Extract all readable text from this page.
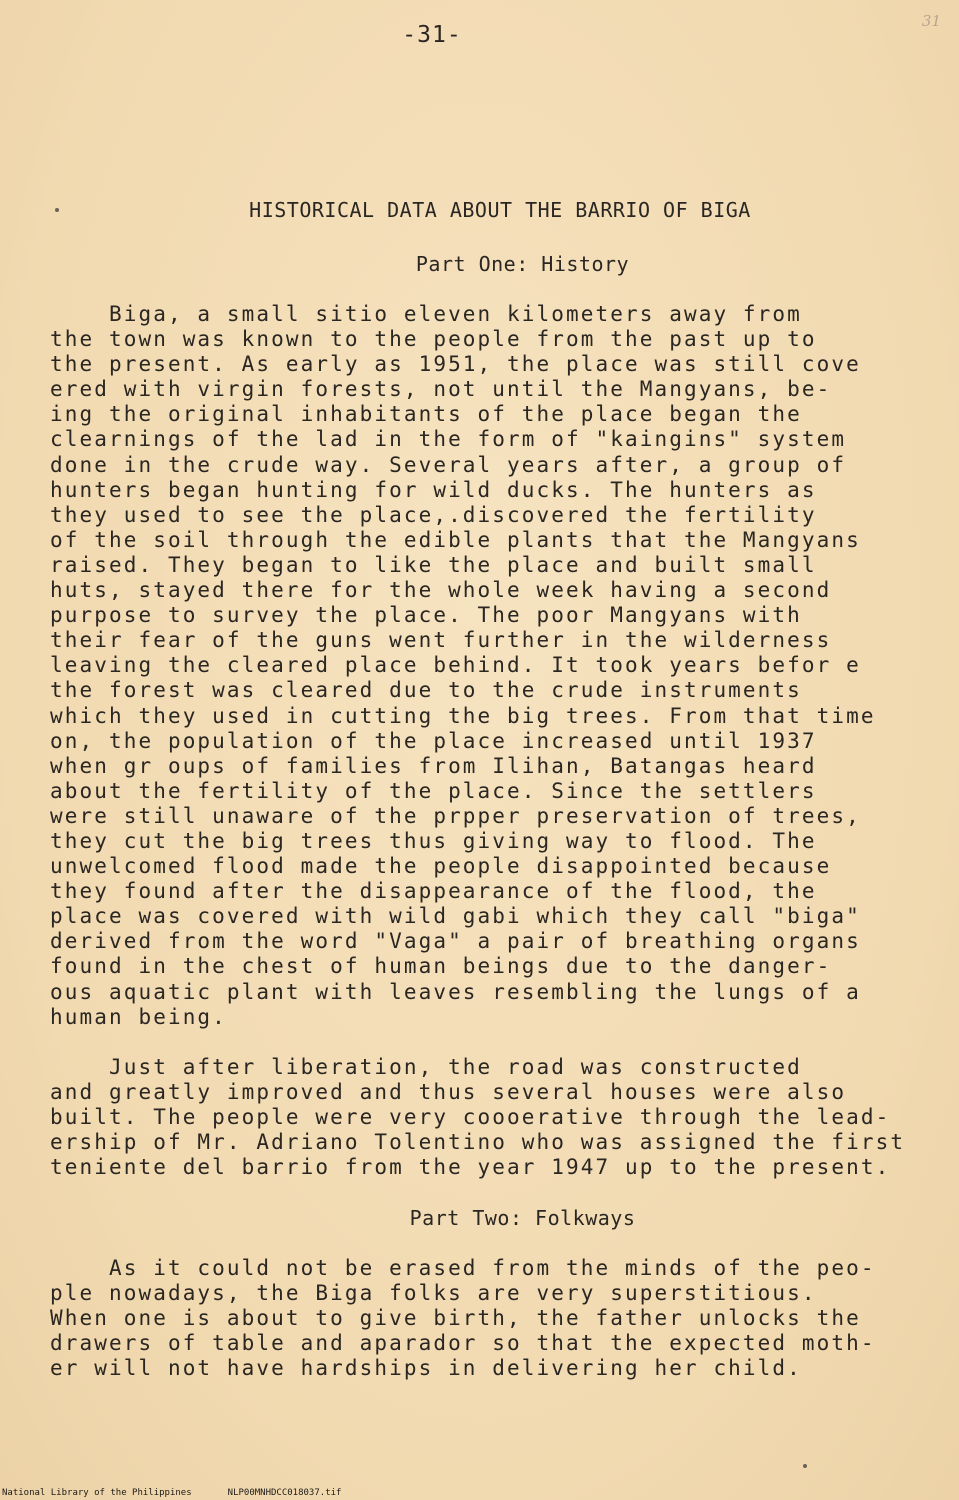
-31-
31
HISTORICAL DATA ABOUT THE BARRIO OF BIGA
Part One: History
Biga, a small sitio eleven kilometers away from
the town was known to the people from the past up to
the present. As early as 1951, the place was still cove
ered with virgin forests, not until the Mangyans, be-
ing the original inhabitants of the place began the
clearnings of the lad in the form of "kaingins" system
done in the crude way. Several years after, a group of
hunters began hunting for wild ducks. The hunters as
they used to see the place,.discovered the fertility
of the soil through the edible plants that the Mangyans
raised. They began to like the place and built small
huts, stayed there for the whole week having a second
purpose to survey the place. The poor Mangyans with
their fear of the guns went further in the wilderness
leaving the cleared place behind. It took years befor e
the forest was cleared due to the crude instruments
which they used in cutting the big trees. From that time
on, the population of the place increased until 1937
when gr oups of families from Ilihan, Batangas heard
about the fertility of the place. Since the settlers
were still unaware of the prpper preservation of trees,
they cut the big trees thus giving way to flood. The
unwelcomed flood made the people disappointed because
they found after the disappearance of the flood, the
place was covered with wild gabi which they call "biga"
derived from the word "Vaga" a pair of breathing organs
found in the chest of human beings due to the danger-
ous aquatic plant with leaves resembling the lungs of a
human being.
Just after liberation, the road was constructed
and greatly improved and thus several houses were also
built. The people were very coooerative through the lead-
ership of Mr. Adriano Tolentino who was assigned the first
teniente del barrio from the year 1947 up to the present.
Part Two: Folkways
As it could not be erased from the minds of the peo-
ple nowadays, the Biga folks are very superstitious.
When one is about to give birth, the father unlocks the
drawers of table and aparador so that the expected moth-
er will not have hardships in delivering her child.
National Library of the Philippines	NLP00MNHDCC018037.tif
